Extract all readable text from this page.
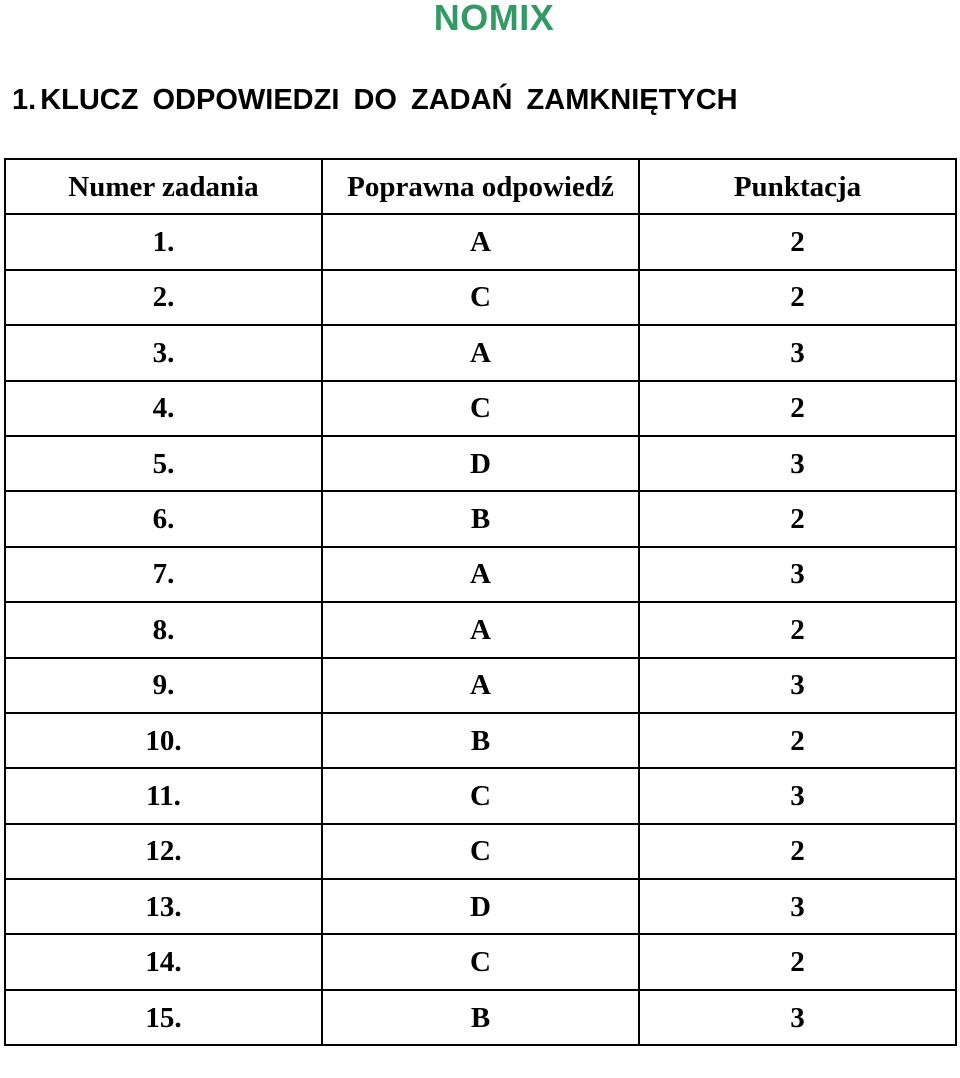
NOMIX
1. KLUCZ ODPOWIEDZI DO ZADAŃ ZAMKNIĘTYCH
Numer zadania	Poprawna odpowiedź	Punktacja
1.	A	2
2.	C	2
3.	A	3
4.	C	2
5.	D	3
6.	B	2
7.	A	3
8.	A	2
9.	A	3
10.	B	2
11.	C	3
12.	C	2
13.	D	3
14.	C	2
15.	B	3
